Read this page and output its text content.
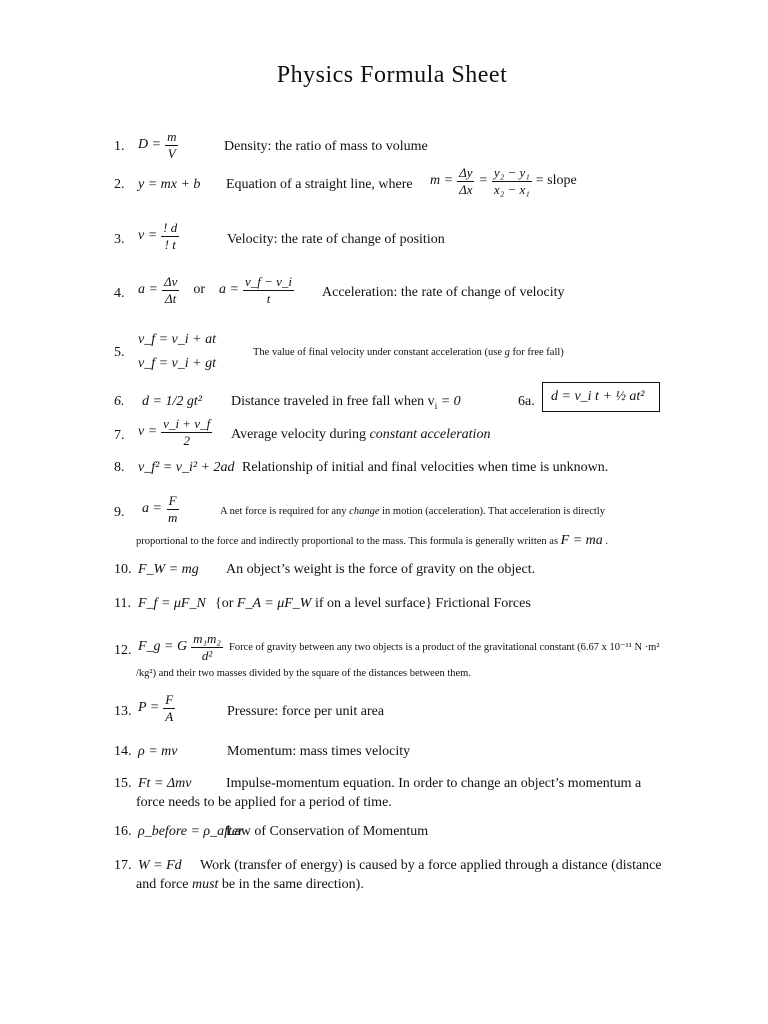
Physics Formula Sheet
1. $D = \frac{m}{V}$	Density: the ratio of mass to volume
2. y = mx + b Equation of a straight line, where $m = \frac{\Delta y}{\Delta x} = \frac{\text{y₂ − y₁}}{\text{x₂ − x₁}}$ = slope
3. $v = \frac{! d}{! t}$	Velocity: the rate of change of position
4. $a = \frac{\Delta v}{\Delta t}$ or $a = \frac{v\_f - v\_i}{t}$ Acceleration: the rate of change of velocity
5.
v_f = v_i + at
v_f = v_i + gt
The value of final velocity under constant acceleration (use g for free fall)
6. d = 1/2 gt² Distance traveled in free fall when $v_i = 0$	6a.	d = v_i t + ½ at²
7. $v = \frac{v\_i + v\_f}{2}$ Average velocity during constant acceleration
8. v_f² = v_i² + 2ad Relationship of initial and final velocities when time is unknown.
9. $a = \frac{F}{m}$	A net force is required for any change in motion (acceleration). That acceleration is directly
proportional to the force and indirectly proportional to the mass. This formula is generally written as F = ma .
10. F_W = mg An object’s weight is the force of gravity on the object.
11. F_f = μF_N {or F_A = μF_W if on a level surface} Frictional Forces
12. F_g = G $\frac{\text{m₁m₂}}{\text{d²}}$ Force of gravity between any two objects is a product of the gravitational constant (6.67 x 10⁻¹¹ N ·m²
/kg²) and their two masses divided by the square of the distances between them.
13. $P = \frac{F}{A}$	Pressure: force per unit area
14. ρ = mv	Momentum: mass times velocity
15. Ft = Δmv Impulse-momentum equation. In order to change an object’s momentum a
force needs to be applied for a period of time.
16. ρ_before = ρ_after
Law of Conservation of Momentum
17. W = Fd Work (transfer of energy) is caused by a force applied through a distance (distance
and force must be in the same direction).
